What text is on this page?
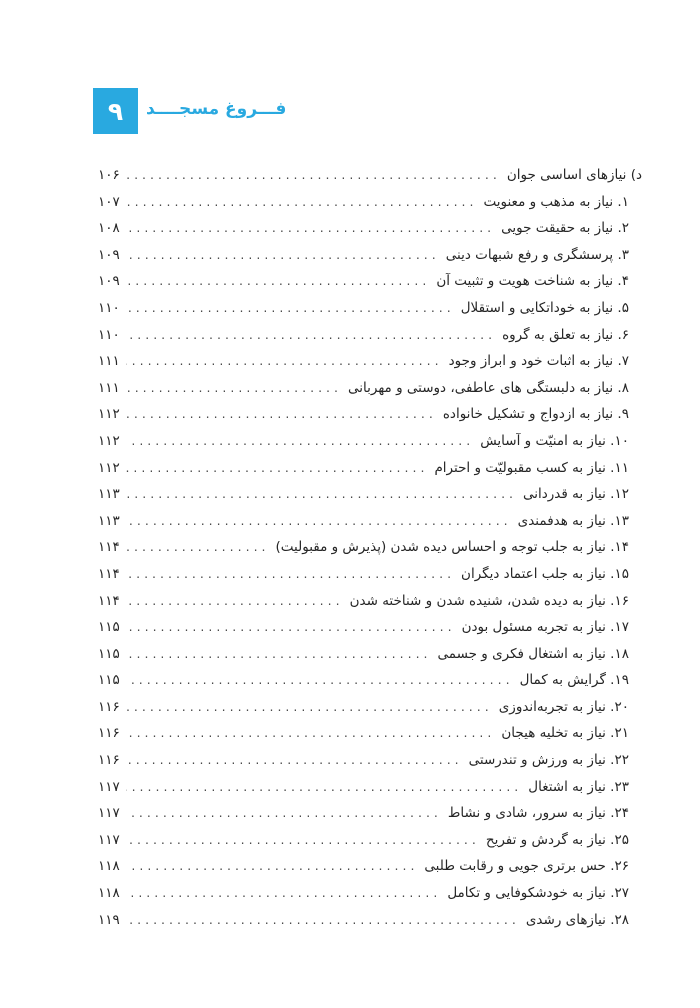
۹ فـــروغ مسجــــد
د) نیازهای اساسی جوان
.....
۱۰۶
۱. نیاز به مذهب و معنویت
.....
۱۰۷
۲. نیاز به حقیقت جویی
.....
۱۰۸
۳. پرسشگری و رفع شبهات دینی
.....
۱۰۹
۴. نیاز به شناخت هویت و تثبیت آن
.....
۱۰۹
۵. نیاز به خوداتکایی و استقلال
.....
۱۱۰
۶. نیاز به تعلق به گروه
.....
۱۱۰
۷. نیاز به اثبات خود و ابراز وجود
.....
۱۱۱
۸. نیاز به دلبستگی های عاطفی، دوستی و مهربانی
.....
۱۱۱
۹. نیاز به ازدواج و تشکیل خانواده
.....
۱۱۲
۱۰. نیاز به امنیّت و آسایش
.....
۱۱۲
۱۱. نیاز به کسب مقبولیّت و احترام
.....
۱۱۲
۱۲. نیاز به قدردانی
.....
۱۱۳
۱۳. نیاز به هدفمندی
.....
۱۱۳
۱۴. نیاز به جلب توجه و احساس دیده شدن (پذیرش و مقبولیت)
.....
۱۱۴
۱۵. نیاز به جلب اعتماد دیگران
.....
۱۱۴
۱۶. نیاز به دیده شدن، شنیده شدن و شناخته شدن
.....
۱۱۴
۱۷. نیاز به تجربه مسئول بودن
.....
۱۱۵
۱۸. نیاز به اشتغال فکری و جسمی
.....
۱۱۵
۱۹. گرایش به کمال
.....
۱۱۵
۲۰. نیاز به تجربه‌اندوزی
.....
۱۱۶
۲۱. نیاز به تخلیه هیجان
.....
۱۱۶
۲۲. نیاز به ورزش و تندرستی
.....
۱۱۶
۲۳. نیاز به اشتغال
.....
۱۱۷
۲۴. نیاز به سرور، شادی و نشاط
.....
۱۱۷
۲۵. نیاز به گردش و تفریح
.....
۱۱۷
۲۶. حس برتری جویی و رقابت طلبی
.....
۱۱۸
۲۷. نیاز به خودشکوفایی و تکامل
.....
۱۱۸
۲۸. نیازهای رشدی
.....
۱۱۹
